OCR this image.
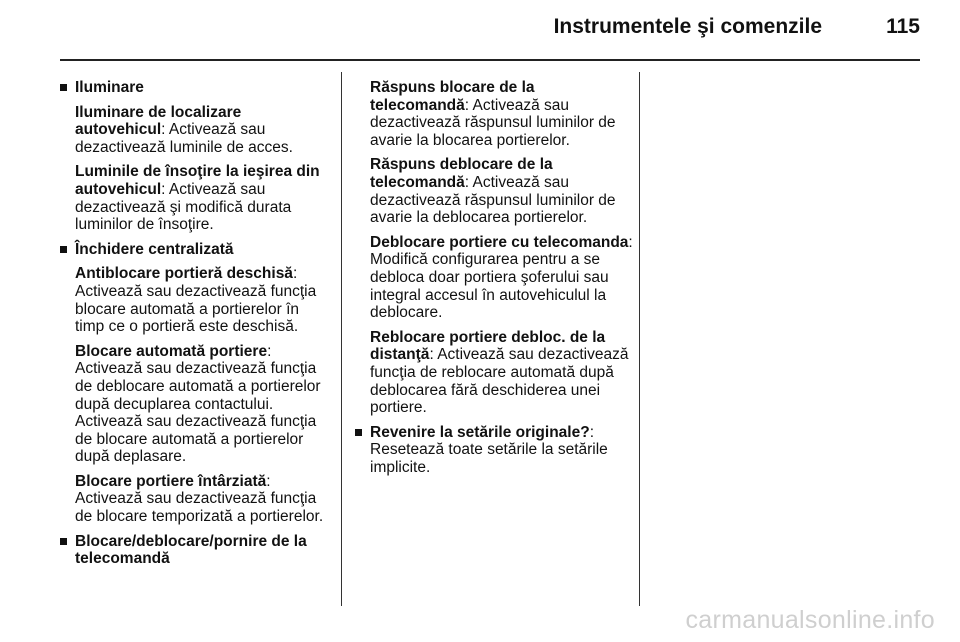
Instrumentele şi comenzile	115
Iluminare
Iluminare de localizare autovehicul: Activează sau dezactivează luminile de acces.
Luminile de însoţire la ieşirea din autovehicul: Activează sau dezactivează şi modifică durata luminilor de însoţire.
Închidere centralizată
Antiblocare portieră deschisă: Activează sau dezactivează funcţia blocare automată a portierelor în timp ce o portieră este deschisă.
Blocare automată portiere: Activează sau dezactivează funcţia de deblocare automată a portierelor după decuplarea contactului. Activează sau dezactivează funcţia de blocare automată a portierelor după deplasare.
Blocare portiere întârziată: Activează sau dezactivează funcţia de blocare temporizată a portierelor.
Blocare/deblocare/pornire de la telecomandă
Răspuns blocare de la telecomandă: Activează sau dezactivează răspunsul luminilor de avarie la blocarea portierelor.
Răspuns deblocare de la telecomandă: Activează sau dezactivează răspunsul luminilor de avarie la deblocarea portierelor.
Deblocare portiere cu telecomanda: Modifică configurarea pentru a se debloca doar portiera şoferului sau integral accesul în autovehiculul la deblocare.
Reblocare portiere debloc. de la distanţă: Activează sau dezactivează funcţia de reblocare automată după deblocarea fără deschiderea unei portiere.
Revenire la setările originale?: Resetează toate setările la setările implicite.
carmanualsonline.info
